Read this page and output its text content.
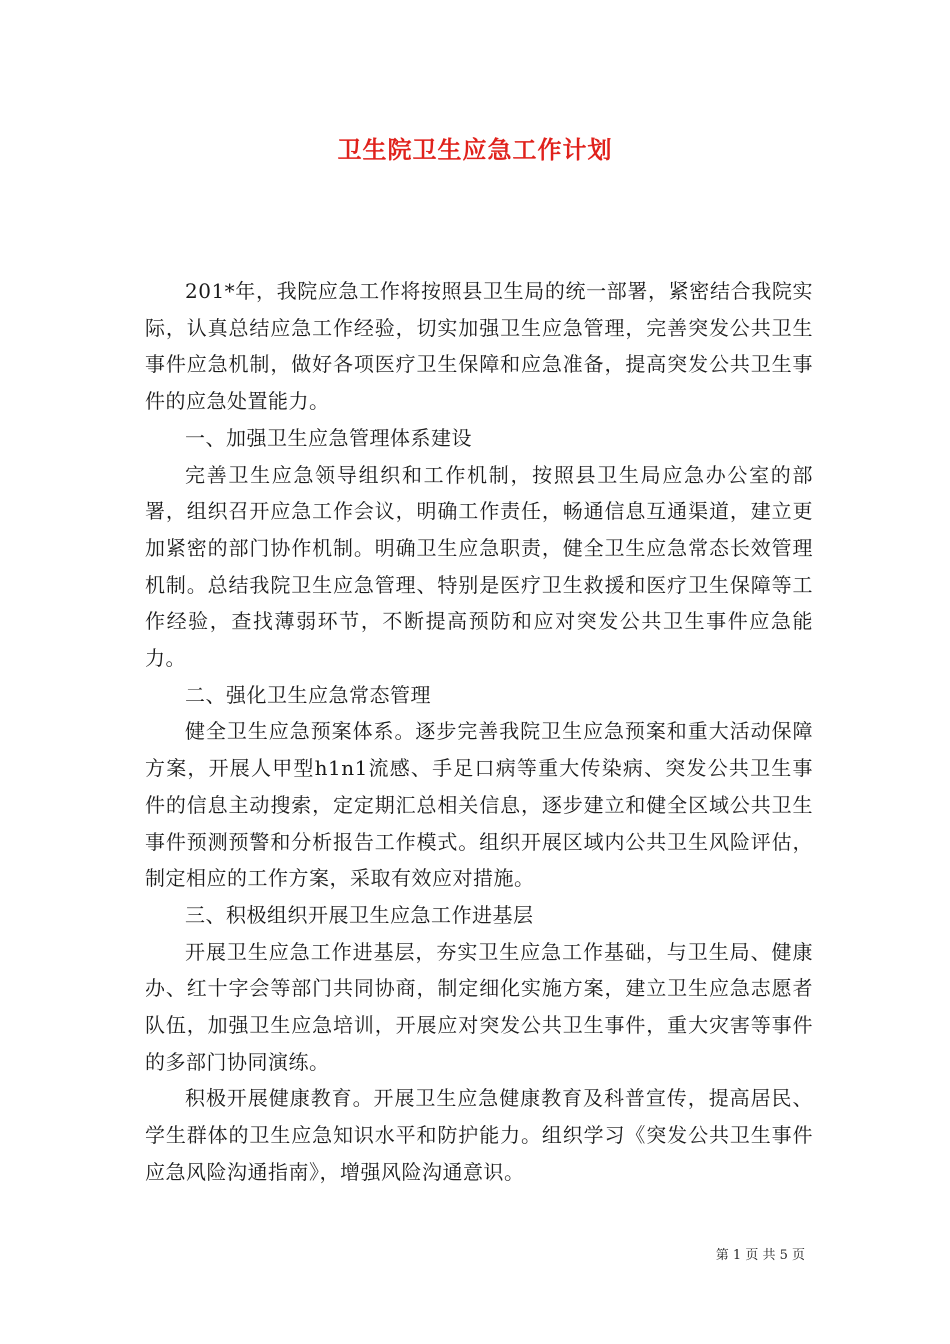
卫生院卫生应急工作计划

201*年，我院应急工作将按照县卫生局的统一部署，紧密结合我院实际，认真总结应急工作经验，切实加强卫生应急管理，完善突发公共卫生事件应急机制，做好各项医疗卫生保障和应急准备，提高突发公共卫生事件的应急处置能力。

一、加强卫生应急管理体系建设

完善卫生应急领导组织和工作机制，按照县卫生局应急办公室的部署，组织召开应急工作会议，明确工作责任，畅通信息互通渠道，建立更加紧密的部门协作机制。明确卫生应急职责，健全卫生应急常态长效管理机制。总结我院卫生应急管理、特别是医疗卫生救援和医疗卫生保障等工作经验，查找薄弱环节，不断提高预防和应对突发公共卫生事件应急能力。

二、强化卫生应急常态管理

健全卫生应急预案体系。逐步完善我院卫生应急预案和重大活动保障方案，开展人甲型h1n1流感、手足口病等重大传染病、突发公共卫生事件的信息主动搜索，定定期汇总相关信息，逐步建立和健全区域公共卫生事件预测预警和分析报告工作模式。组织开展区域内公共卫生风险评估，制定相应的工作方案，采取有效应对措施。

三、积极组织开展卫生应急工作进基层

开展卫生应急工作进基层，夯实卫生应急工作基础，与卫生局、健康办、红十字会等部门共同协商，制定细化实施方案，建立卫生应急志愿者队伍，加强卫生应急培训，开展应对突发公共卫生事件，重大灾害等事件的多部门协同演练。

积极开展健康教育。开展卫生应急健康教育及科普宣传，提高居民、学生群体的卫生应急知识水平和防护能力。组织学习《突发公共卫生事件应急风险沟通指南》，增强风险沟通意识。

第 1 页 共 5 页
